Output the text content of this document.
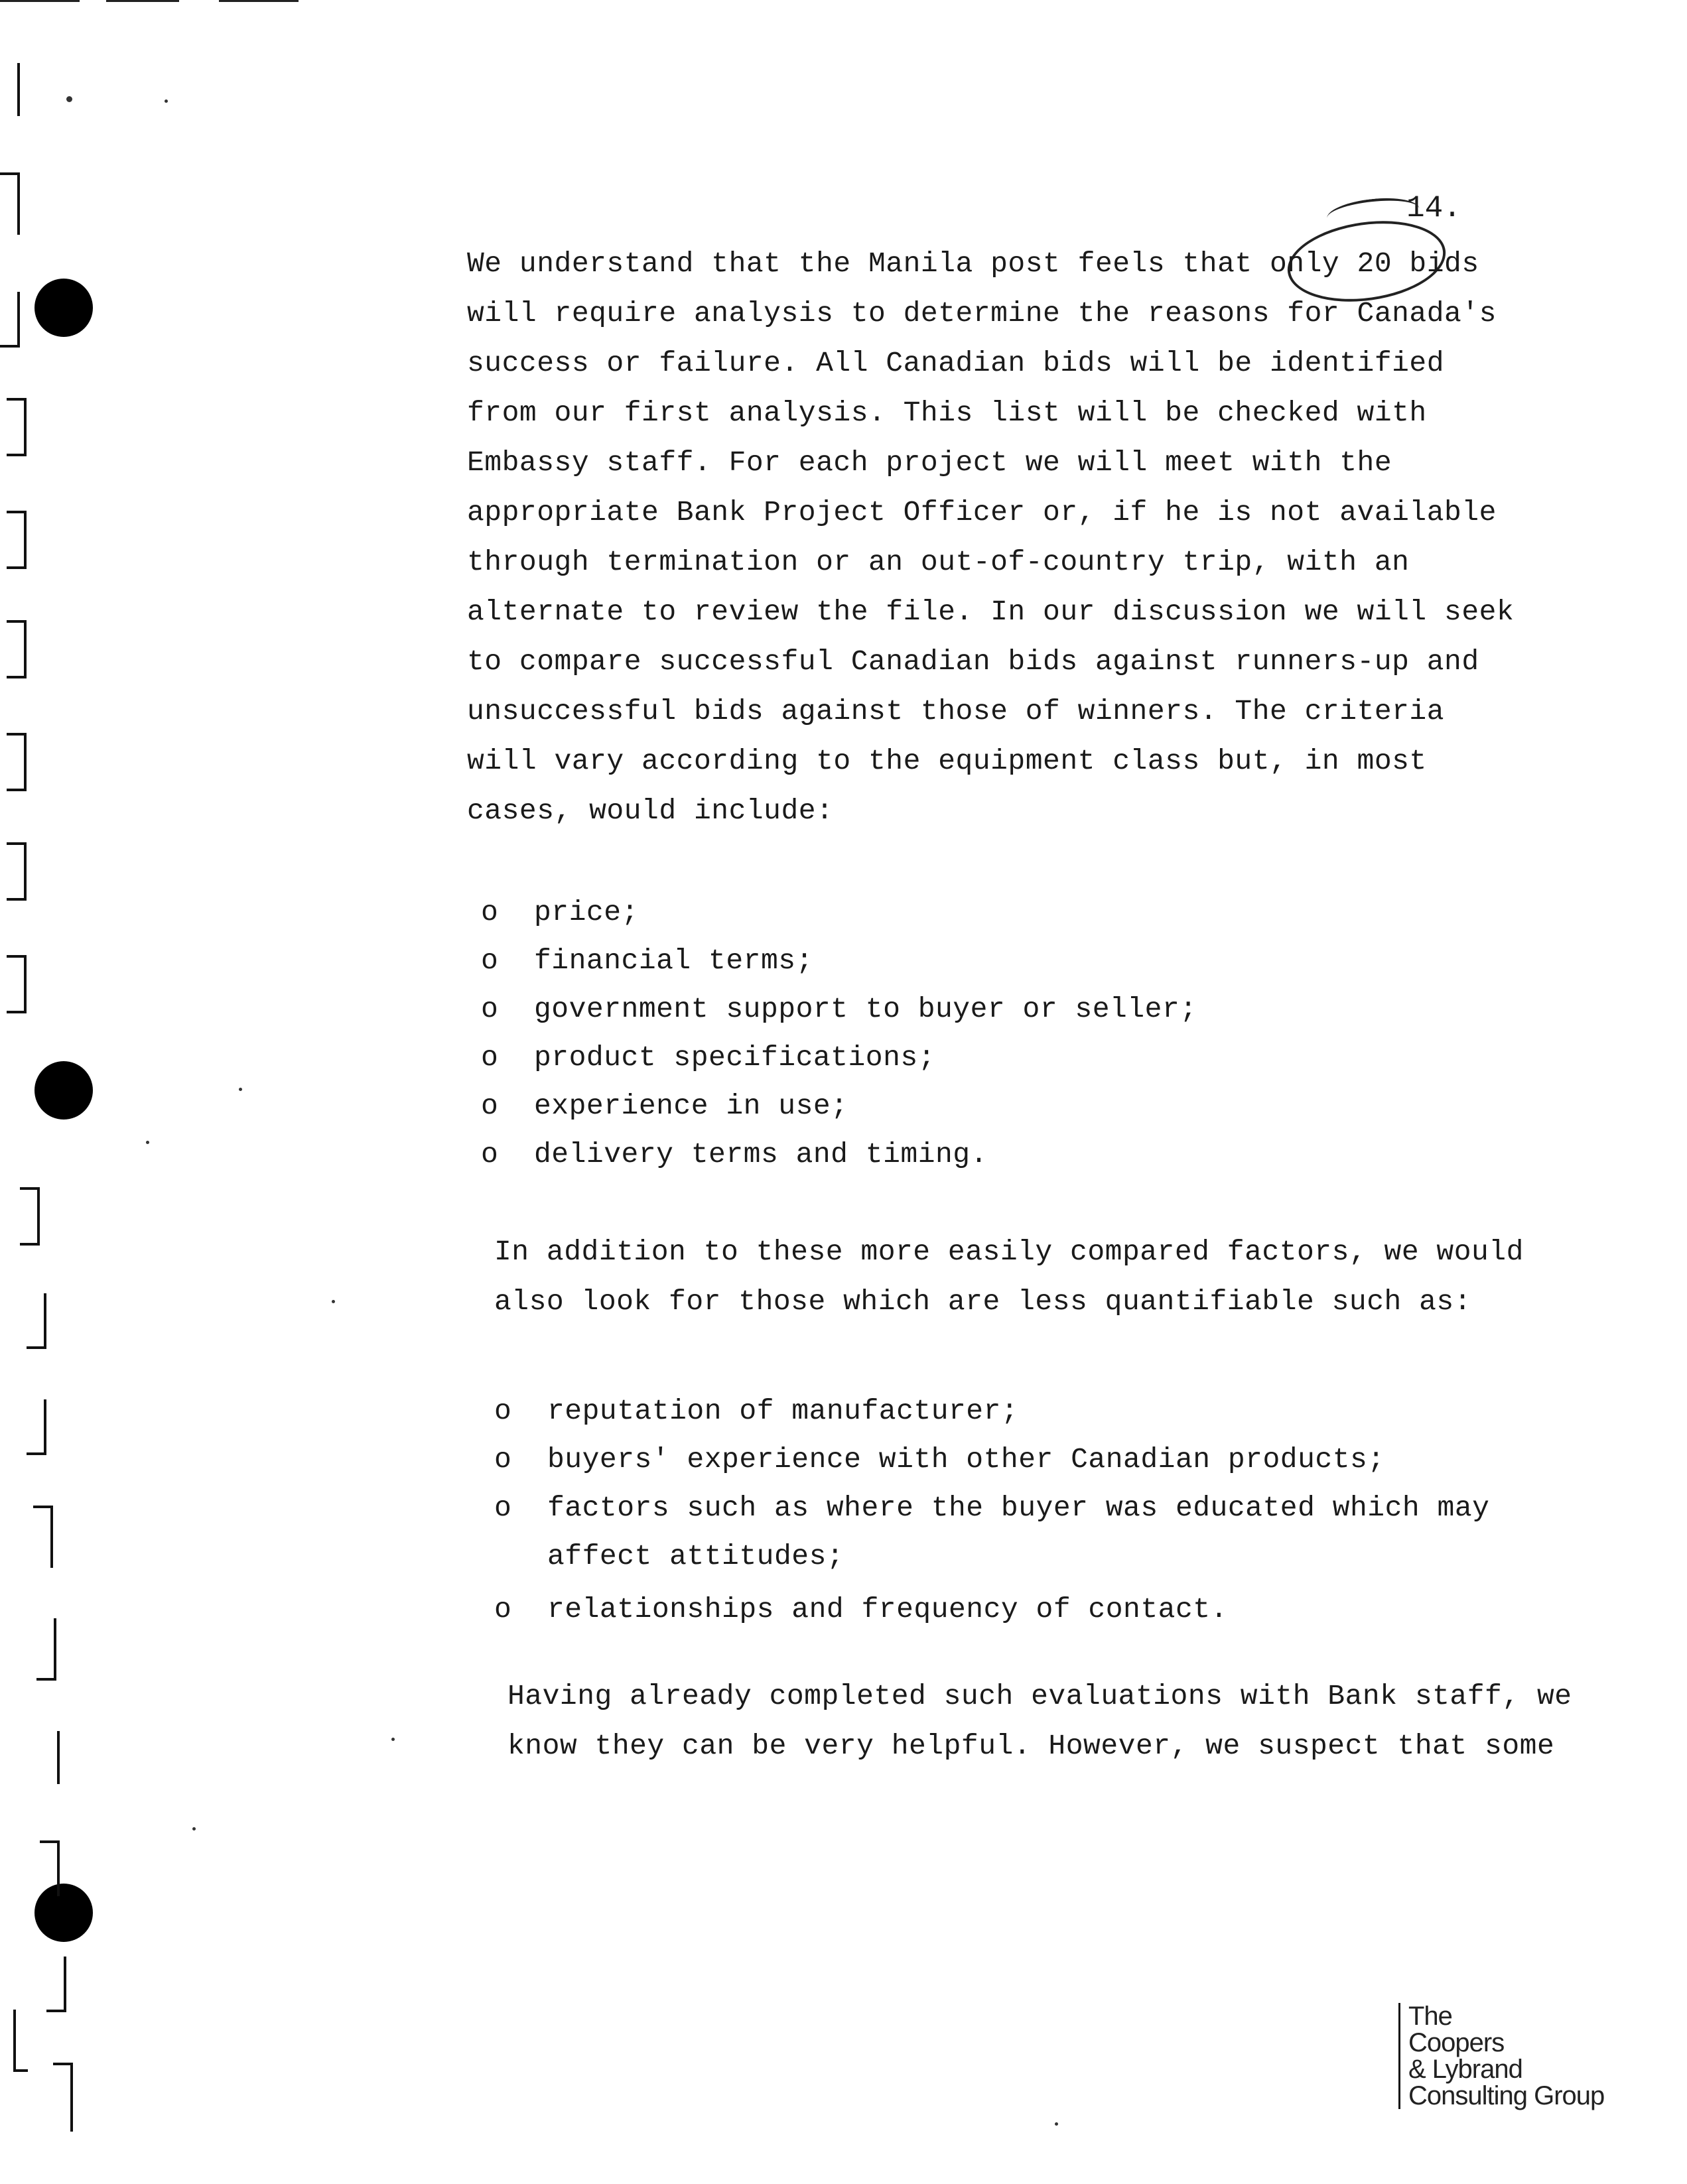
14.
We understand that the Manila post feels that only 20 bids
will require analysis to determine the reasons for Canada's
success or failure. All Canadian bids will be identified
from our first analysis. This list will be checked with
Embassy staff. For each project we will meet with the
appropriate Bank Project Officer or, if he is not available
through termination or an out-of-country trip, with an
alternate to review the file. In our discussion we will seek
to compare successful Canadian bids against runners-up and
unsuccessful bids against those of winners. The criteria
will vary according to the equipment class but, in most
cases, would include:
o price;
o financial terms;
o government support to buyer or seller;
o product specifications;
o experience in use;
o delivery terms and timing.
In addition to these more easily compared factors, we would
also look for those which are less quantifiable such as:
o reputation of manufacturer;
o buyers' experience with other Canadian products;
o factors such as where the buyer was educated which may
affect attitudes;
o relationships and frequency of contact.
Having already completed such evaluations with Bank staff, we
know they can be very helpful. However, we suspect that some
The
Coopers
& Lybrand
Consulting Group
